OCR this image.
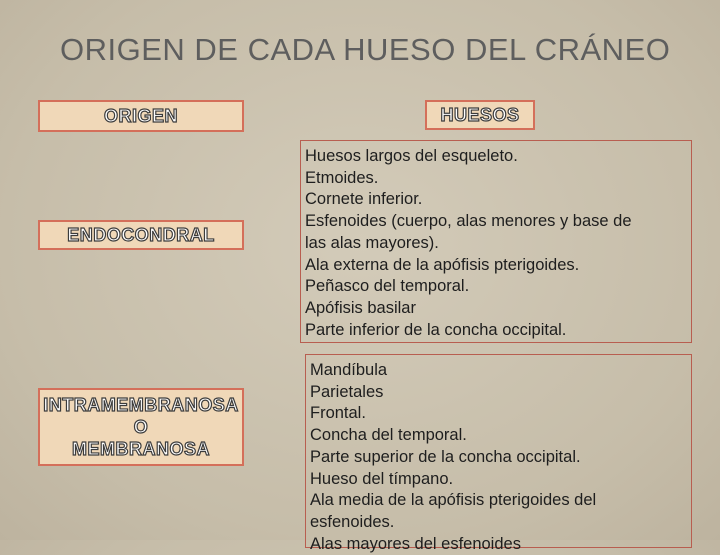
ORIGEN DE CADA HUESO DEL CRÁNEO
ORIGEN	HUESOS
ENDOCONDRAL
INTRAMEMBRANOSA
O
MEMBRANOSA
Huesos largos del esqueleto.
Etmoides.
Cornete inferior.
Esfenoides (cuerpo, alas menores y base de
las alas mayores).
Ala externa de la apófisis pterigoides.
Peñasco del temporal.
Apófisis basilar
Parte inferior de la concha occipital.
Mandíbula
Parietales
Frontal.
Concha del temporal.
Parte superior de la concha occipital.
Hueso del tímpano.
Ala media de la apófisis pterigoides del
esfenoides.
Alas mayores del esfenoides
